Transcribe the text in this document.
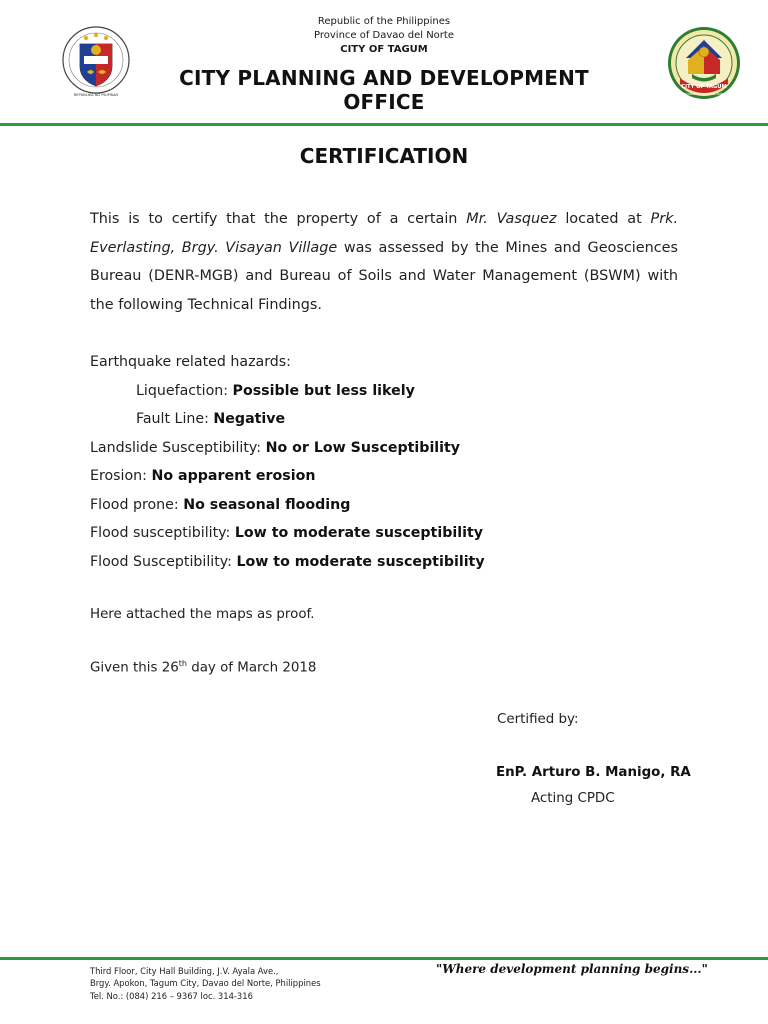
Republic of the Philippines
Province of Davao del Norte
CITY OF TAGUM
CITY PLANNING AND DEVELOPMENT OFFICE
REPUBLIKA NG PILIPINAS
CITY OF TAGUM
PROVINCE OF DAVAO DEL NORTE
CERTIFICATION
This is to certify that the property of a certain Mr. Vasquez located at Prk. Everlasting, Brgy. Visayan Village was assessed by the Mines and Geosciences Bureau (DENR-MGB) and Bureau of Soils and Water Management (BSWM) with the following Technical Findings.
Earthquake related hazards:
Liquefaction: Possible but less likely
Fault Line: Negative
Landslide Susceptibility: No or Low Susceptibility
Erosion: No apparent erosion
Flood prone: No seasonal flooding
Flood susceptibility: Low to moderate susceptibility
Flood Susceptibility: Low to moderate susceptibility
Here attached the maps as proof.
Given this 26th day of March 2018
Certified by:
EnP. Arturo B. Manigo, RA
Acting CPDC
Third Floor, City Hall Building, J.V. Ayala Ave.,
Brgy. Apokon, Tagum City, Davao del Norte, Philippines
Tel. No.: (084) 216 – 9367 loc. 314-316
"Where development planning begins..."
